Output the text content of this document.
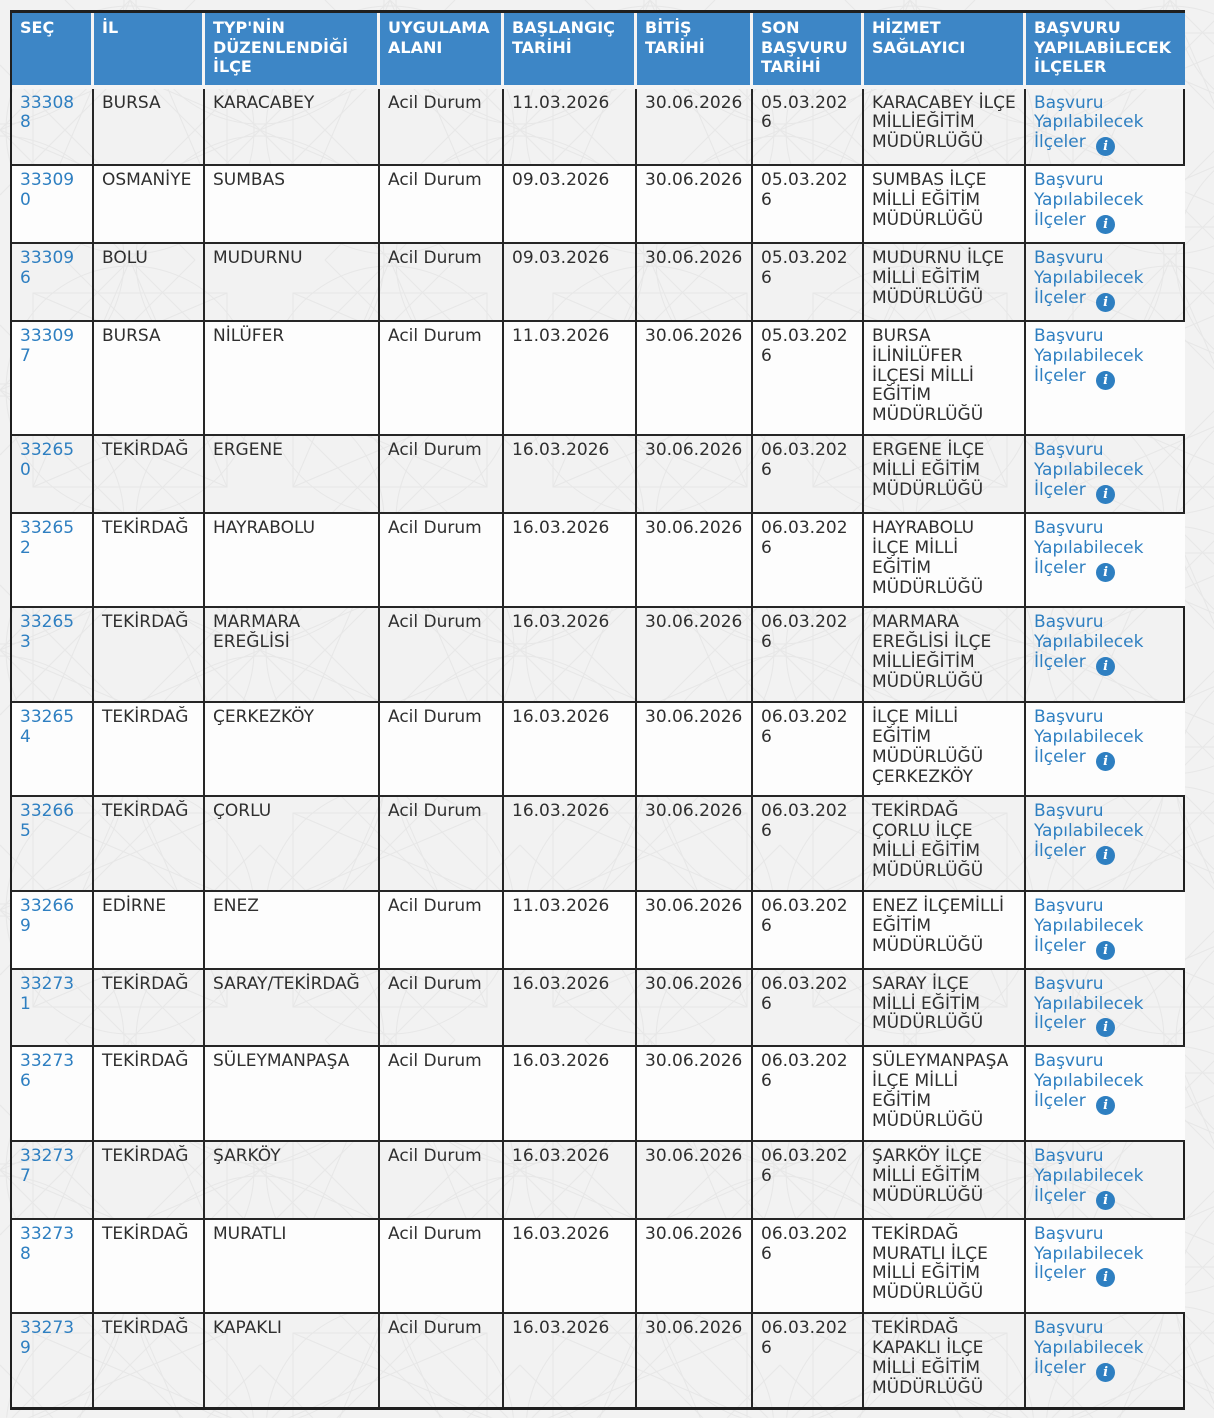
SEÇ	İL	TYP'NİN DÜZENLENDİĞİ İLÇE	UYGULAMA ALANI	BAŞLANGIÇ TARİHİ	BİTİŞ TARİHİ	SON BAŞVURU TARİHİ	HİZMET SAĞLAYICI	BAŞVURU YAPILABİLECEK İLÇELER
333088	BURSA	KARACABEY	Acil Durum	11.03.2026	30.06.2026	05.03.2026	KARACABEY İLÇE MİLLİEĞİTİM MÜDÜRLÜĞÜ	Başvuru Yapılabilecek İlçeler i
333090	OSMANİYE	SUMBAS	Acil Durum	09.03.2026	30.06.2026	05.03.2026	SUMBAS İLÇE MİLLİ EĞİTİM MÜDÜRLÜĞÜ	Başvuru Yapılabilecek İlçeler i
333096	BOLU	MUDURNU	Acil Durum	09.03.2026	30.06.2026	05.03.2026	MUDURNU İLÇE MİLLİ EĞİTİM MÜDÜRLÜĞÜ	Başvuru Yapılabilecek İlçeler i
333097	BURSA	NİLÜFER	Acil Durum	11.03.2026	30.06.2026	05.03.2026	BURSA İLİNİLÜFER İLÇESİ MİLLİ EĞİTİM MÜDÜRLÜĞÜ	Başvuru Yapılabilecek İlçeler i
332650	TEKİRDAĞ	ERGENE	Acil Durum	16.03.2026	30.06.2026	06.03.2026	ERGENE İLÇE MİLLİ EĞİTİM MÜDÜRLÜĞÜ	Başvuru Yapılabilecek İlçeler i
332652	TEKİRDAĞ	HAYRABOLU	Acil Durum	16.03.2026	30.06.2026	06.03.2026	HAYRABOLU İLÇE MİLLİ EĞİTİM MÜDÜRLÜĞÜ	Başvuru Yapılabilecek İlçeler i
332653	TEKİRDAĞ	MARMARA EREĞLİSİ	Acil Durum	16.03.2026	30.06.2026	06.03.2026	MARMARA EREĞLİSİ İLÇE MİLLİEĞİTİM MÜDÜRLÜĞÜ	Başvuru Yapılabilecek İlçeler i
332654	TEKİRDAĞ	ÇERKEZKÖY	Acil Durum	16.03.2026	30.06.2026	06.03.2026	İLÇE MİLLİ EĞİTİM MÜDÜRLÜĞÜ ÇERKEZKÖY	Başvuru Yapılabilecek İlçeler i
332665	TEKİRDAĞ	ÇORLU	Acil Durum	16.03.2026	30.06.2026	06.03.2026	TEKİRDAĞ ÇORLU İLÇE MİLLİ EĞİTİM MÜDÜRLÜĞÜ	Başvuru Yapılabilecek İlçeler i
332669	EDİRNE	ENEZ	Acil Durum	11.03.2026	30.06.2026	06.03.2026	ENEZ İLÇEMİLLİ EĞİTİM MÜDÜRLÜĞÜ	Başvuru Yapılabilecek İlçeler i
332731	TEKİRDAĞ	SARAY/TEKİRDAĞ	Acil Durum	16.03.2026	30.06.2026	06.03.2026	SARAY İLÇE MİLLİ EĞİTİM MÜDÜRLÜĞÜ	Başvuru Yapılabilecek İlçeler i
332736	TEKİRDAĞ	SÜLEYMANPAŞA	Acil Durum	16.03.2026	30.06.2026	06.03.2026	SÜLEYMANPAŞA İLÇE MİLLİ EĞİTİM MÜDÜRLÜĞÜ	Başvuru Yapılabilecek İlçeler i
332737	TEKİRDAĞ	ŞARKÖY	Acil Durum	16.03.2026	30.06.2026	06.03.2026	ŞARKÖY İLÇE MİLLİ EĞİTİM MÜDÜRLÜĞÜ	Başvuru Yapılabilecek İlçeler i
332738	TEKİRDAĞ	MURATLI	Acil Durum	16.03.2026	30.06.2026	06.03.2026	TEKİRDAĞ MURATLI İLÇE MİLLİ EĞİTİM MÜDÜRLÜĞÜ	Başvuru Yapılabilecek İlçeler i
332739	TEKİRDAĞ	KAPAKLI	Acil Durum	16.03.2026	30.06.2026	06.03.2026	TEKİRDAĞ KAPAKLI İLÇE MİLLİ EĞİTİM MÜDÜRLÜĞÜ	Başvuru Yapılabilecek İlçeler i
